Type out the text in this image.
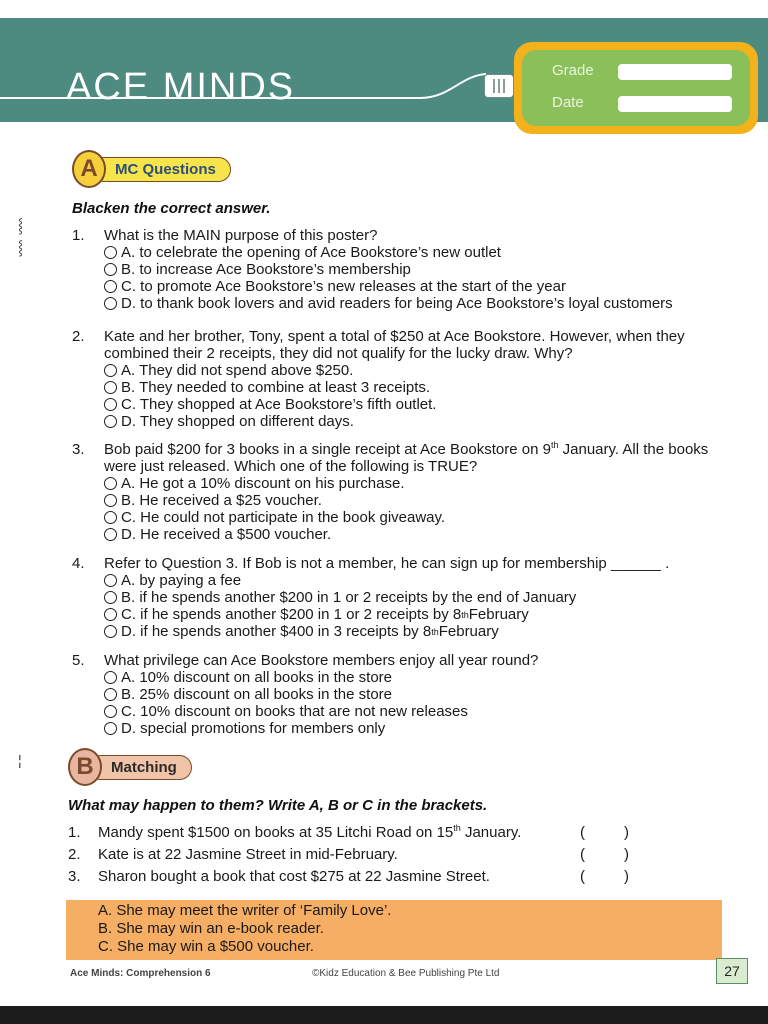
ACE MINDS	Grade
Date
⸾
⸾
¦
A	MC Questions
Blacken the correct answer.
1. What is the MAIN purpose of this poster?
A. to celebrate the opening of Ace Bookstore’s new outlet
B. to increase Ace Bookstore’s membership
C. to promote Ace Bookstore’s new releases at the start of the year
D. to thank book lovers and avid readers for being Ace Bookstore’s loyal customers
2. Kate and her brother, Tony, spent a total of $250 at Ace Bookstore. However, when they combined their 2 receipts, they did not qualify for the lucky draw. Why?
A. They did not spend above $250.
B. They needed to combine at least 3 receipts.
C. They shopped at Ace Bookstore’s fifth outlet.
D. They shopped on different days.
3. Bob paid $200 for 3 books in a single receipt at Ace Bookstore on 9th January. All the books were just released. Which one of the following is TRUE?
A. He got a 10% discount on his purchase.
B. He received a $25 voucher.
C. He could not participate in the book giveaway.
D. He received a $500 voucher.
4. Refer to Question 3. If Bob is not a member, he can sign up for membership ______ .
A. by paying a fee
B. if he spends another $200 in 1 or 2 receipts by the end of January
C. if he spends another $200 in 1 or 2 receipts by 8 th February
D. if he spends another $400 in 3 receipts by 8 th February
5. What privilege can Ace Bookstore members enjoy all year round?
A. 10% discount on all books in the store
B. 25% discount on all books in the store
C. 10% discount on books that are not new releases
D. special promotions for members only
B	Matching
What may happen to them? Write A, B or C in the brackets.
1. Mandy spent $1500 on books at 35 Litchi Road on 15th January.	(	)
2. Kate is at 22 Jasmine Street in mid-February.	(	)
3. Sharon bought a book that cost $275 at 22 Jasmine Street.	(	)
A. She may meet the writer of ‘Family Love’.
B. She may win an e-book reader.
C. She may win a $500 voucher.
Ace Minds: Comprehension 6	©Kidz Education & Bee Publishing Pte Ltd	27
